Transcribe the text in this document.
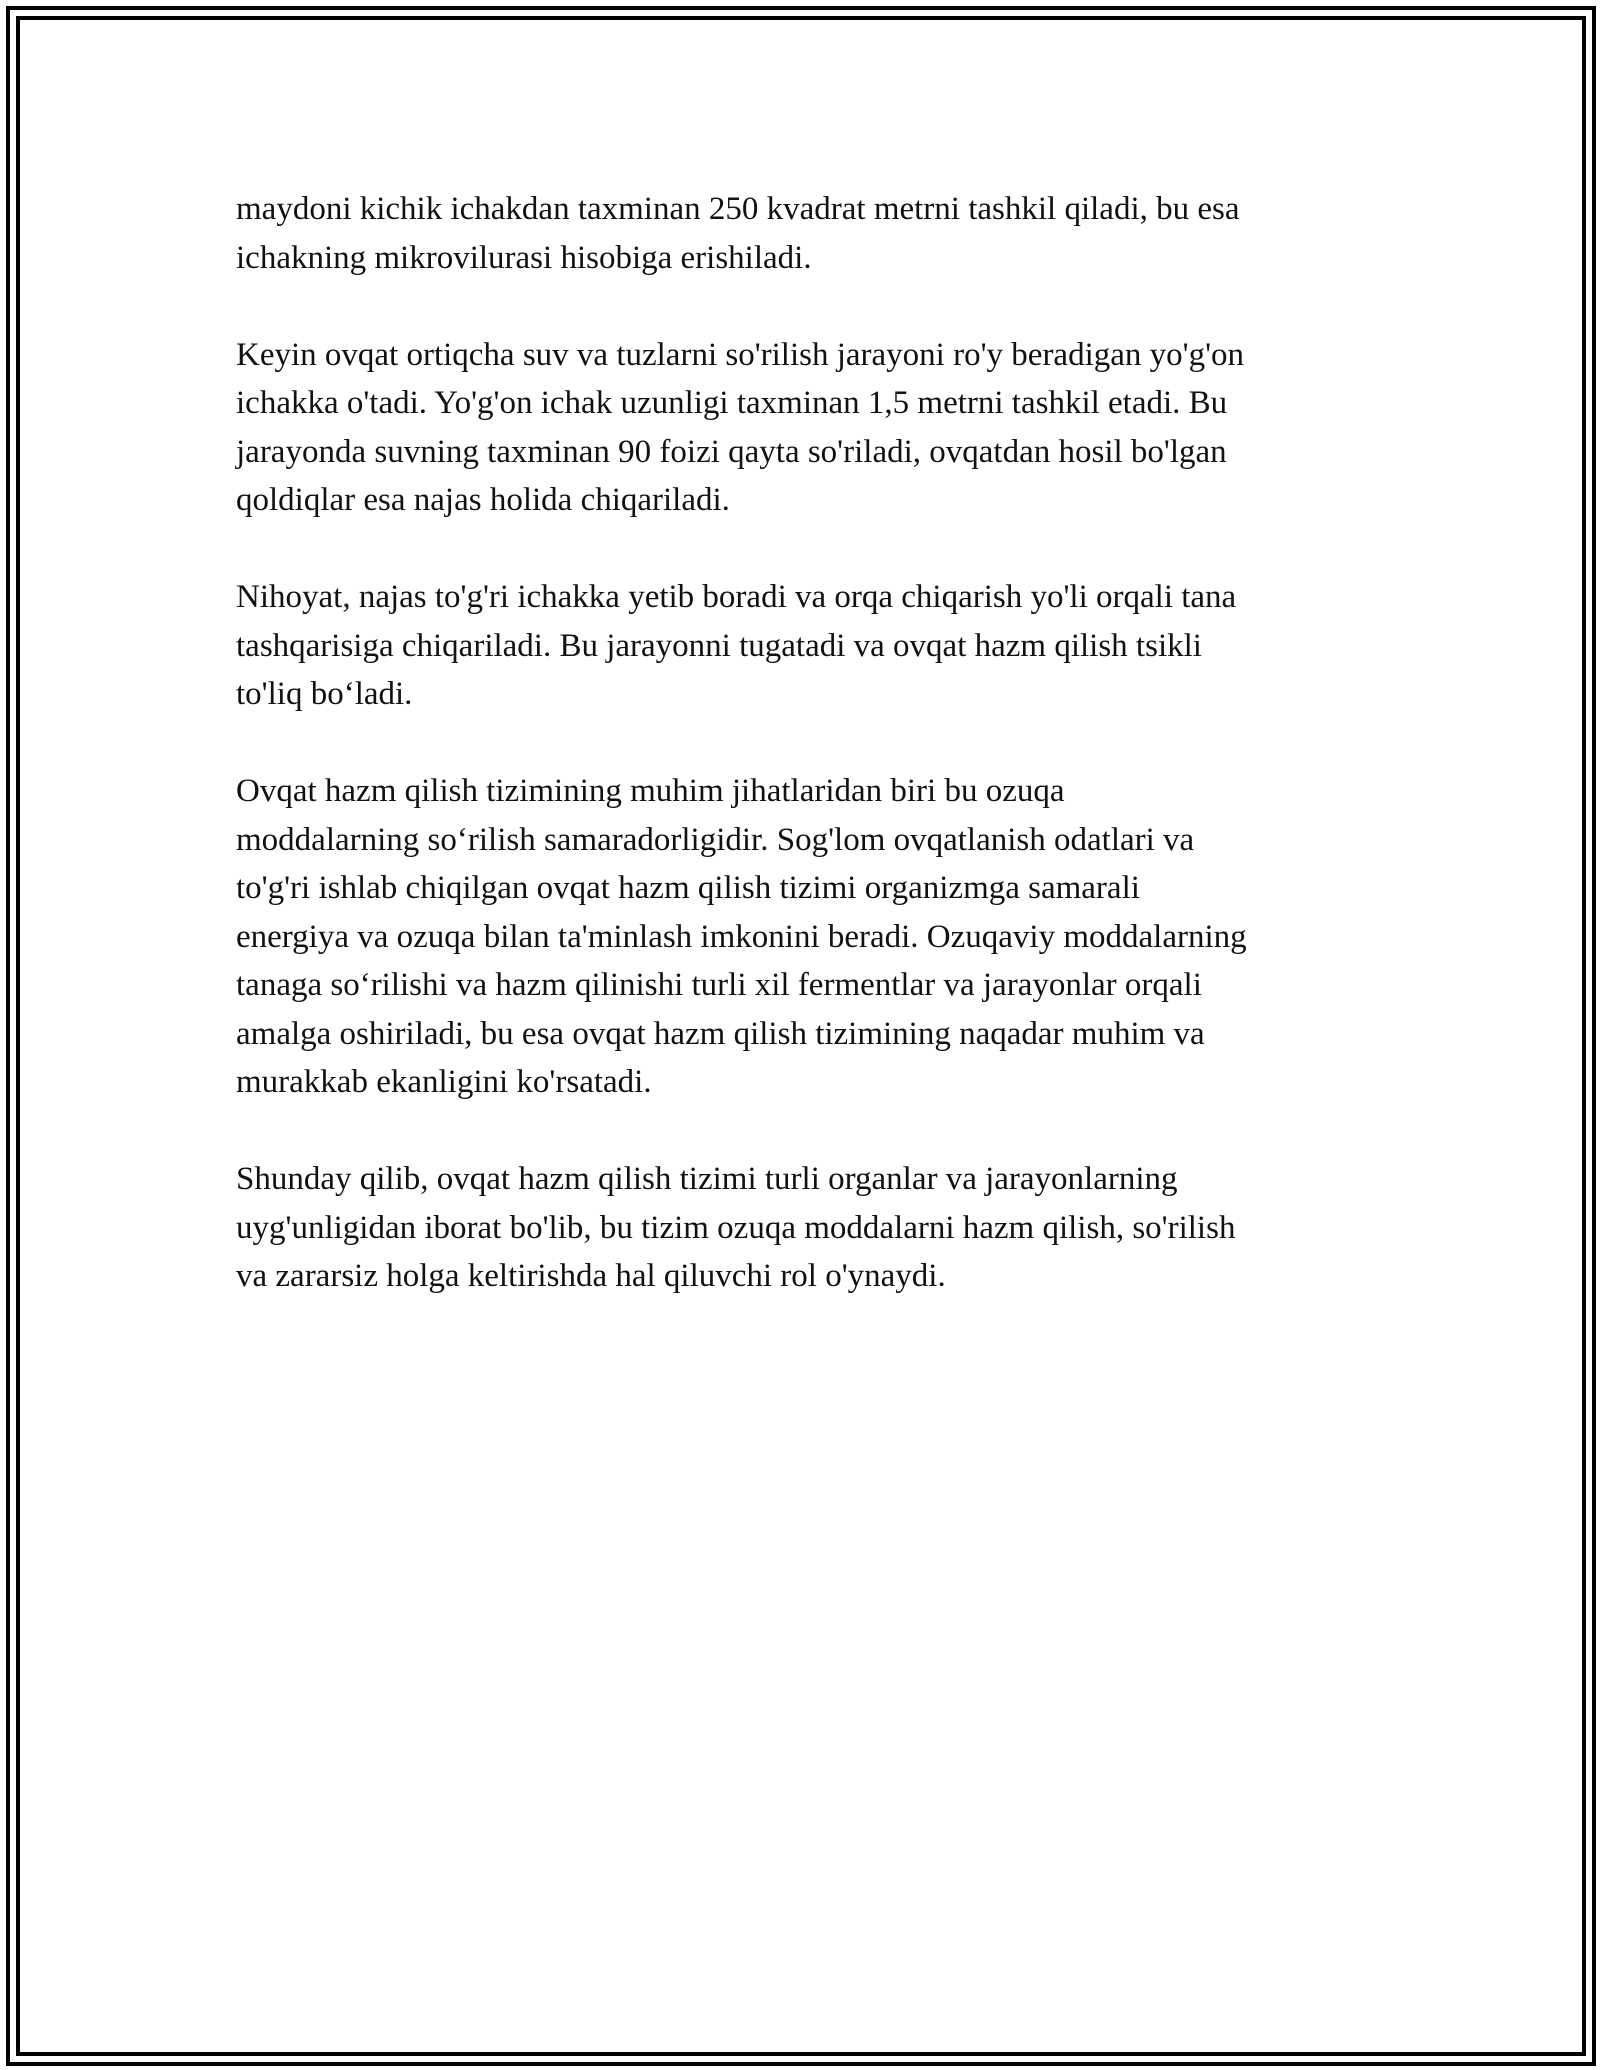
maydoni kichik ichakdan taxminan 250 kvadrat metrni tashkil qiladi, bu esa
ichakning mikrovilurasi hisobiga erishiladi.

Keyin ovqat ortiqcha suv va tuzlarni so'rilish jarayoni ro'y beradigan yo'g'on
ichakka o'tadi. Yo'g'on ichak uzunligi taxminan 1,5 metrni tashkil etadi. Bu
jarayonda suvning taxminan 90 foizi qayta so'riladi, ovqatdan hosil bo'lgan
qoldiqlar esa najas holida chiqariladi.

Nihoyat, najas to'g'ri ichakka yetib boradi va orqa chiqarish yo'li orqali tana
tashqarisiga chiqariladi. Bu jarayonni tugatadi va ovqat hazm qilish tsikli
to'liq bo‘ladi.

Ovqat hazm qilish tizimining muhim jihatlaridan biri bu ozuqa
moddalarning so‘rilish samaradorligidir. Sog'lom ovqatlanish odatlari va
to'g'ri ishlab chiqilgan ovqat hazm qilish tizimi organizmga samarali
energiya va ozuqa bilan ta'minlash imkonini beradi. Ozuqaviy moddalarning
tanaga so‘rilishi va hazm qilinishi turli xil fermentlar va jarayonlar orqali
amalga oshiriladi, bu esa ovqat hazm qilish tizimining naqadar muhim va
murakkab ekanligini ko'rsatadi.

Shunday qilib, ovqat hazm qilish tizimi turli organlar va jarayonlarning
uyg'unligidan iborat bo'lib, bu tizim ozuqa moddalarni hazm qilish, so'rilish
va zararsiz holga keltirishda hal qiluvchi rol o'ynaydi.
